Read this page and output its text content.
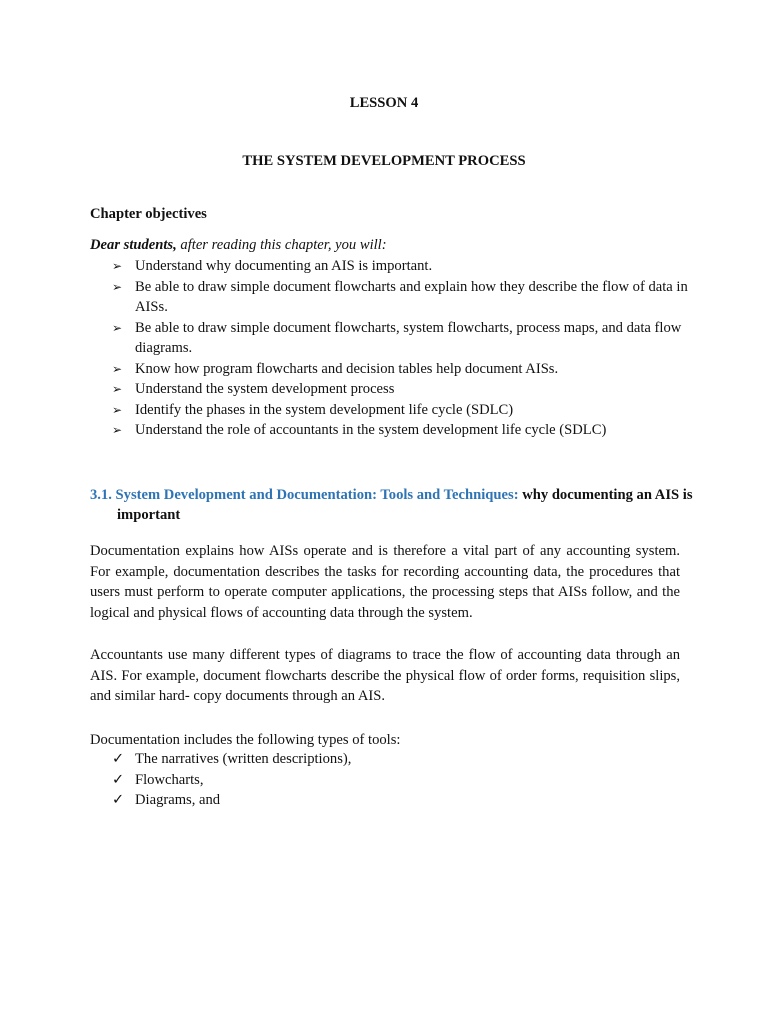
LESSON 4
THE SYSTEM DEVELOPMENT PROCESS
Chapter objectives
Dear students, after reading this chapter, you will:
➢ Understand why documenting an AIS is important.
➢ Be able to draw simple document flowcharts and explain how they describe the flow of data in AISs.
➢ Be able to draw simple document flowcharts, system flowcharts, process maps, and data flow diagrams.
➢ Know how program flowcharts and decision tables help document AISs.
➢ Understand the system development process
➢ Identify the phases in the system development life cycle (SDLC)
➢ Understand the role of accountants in the system development life cycle (SDLC)
3.1. System Development and Documentation: Tools and Techniques: why documenting an AIS is
important

Documentation explains how AISs operate and is therefore a vital part of any accounting system. For example, documentation describes the tasks for recording accounting data, the procedures that users must perform to operate computer applications, the processing steps that AISs follow, and the logical and physical flows of accounting data through the system.

Accountants use many different types of diagrams to trace the flow of accounting data through an AIS. For example, document flowcharts describe the physical flow of order forms, requisition slips, and similar hard- copy documents through an AIS.

Documentation includes the following types of tools:

✓ The narratives (written descriptions),
✓ Flowcharts,
✓ Diagrams, and
